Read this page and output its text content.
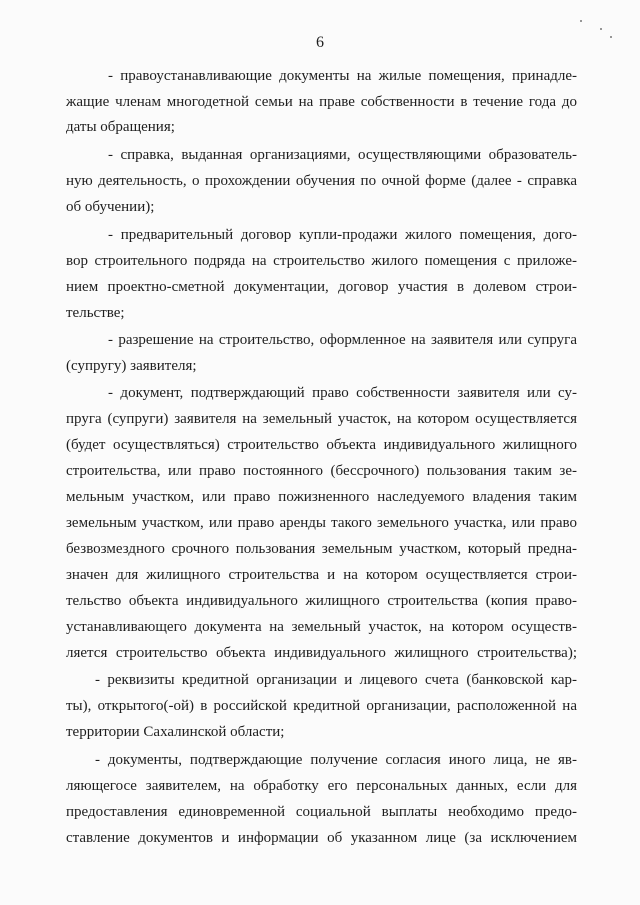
6
- правоустанавливающие документы на жилые помещения, принадле-
жащие членам многодетной семьи на праве собственности в течение года до
даты обращения;
- справка, выданная организациями, осуществляющими образователь-
ную деятельность, о прохождении обучения по очной форме (далее - справка
об обучении);
- предварительный договор купли-продажи жилого помещения, дого-
вор строительного подряда на строительство жилого помещения с приложе-
нием проектно-сметной документации, договор участия в долевом строи-
тельстве;
- разрешение на строительство, оформленное на заявителя или супруга
(супругу) заявителя;
- документ, подтверждающий право собственности заявителя или су-
пруга (супруги) заявителя на земельный участок, на котором осуществляется
(будет осуществляться) строительство объекта индивидуального жилищного
строительства, или право постоянного (бессрочного) пользования таким зе-
мельным участком, или право пожизненного наследуемого владения таким
земельным участком, или право аренды такого земельного участка, или право
безвозмездного срочного пользования земельным участком, который предна-
значен для жилищного строительства и на котором осуществляется строи-
тельство объекта индивидуального жилищного строительства (копия право-
устанавливающего документа на земельный участок, на котором осуществ-
ляется строительство объекта индивидуального жилищного строительства);
- реквизиты кредитной организации и лицевого счета (банковской кар-
ты), открытого(-ой) в российской кредитной организации, расположенной на
территории Сахалинской области;
- документы, подтверждающие получение согласия иного лица, не яв-
ляющегосе заявителем, на обработку его персональных данных, если для
предоставления единовременной социальной выплаты необходимо предо-
ставление документов и информации об указанном лице (за исключением
